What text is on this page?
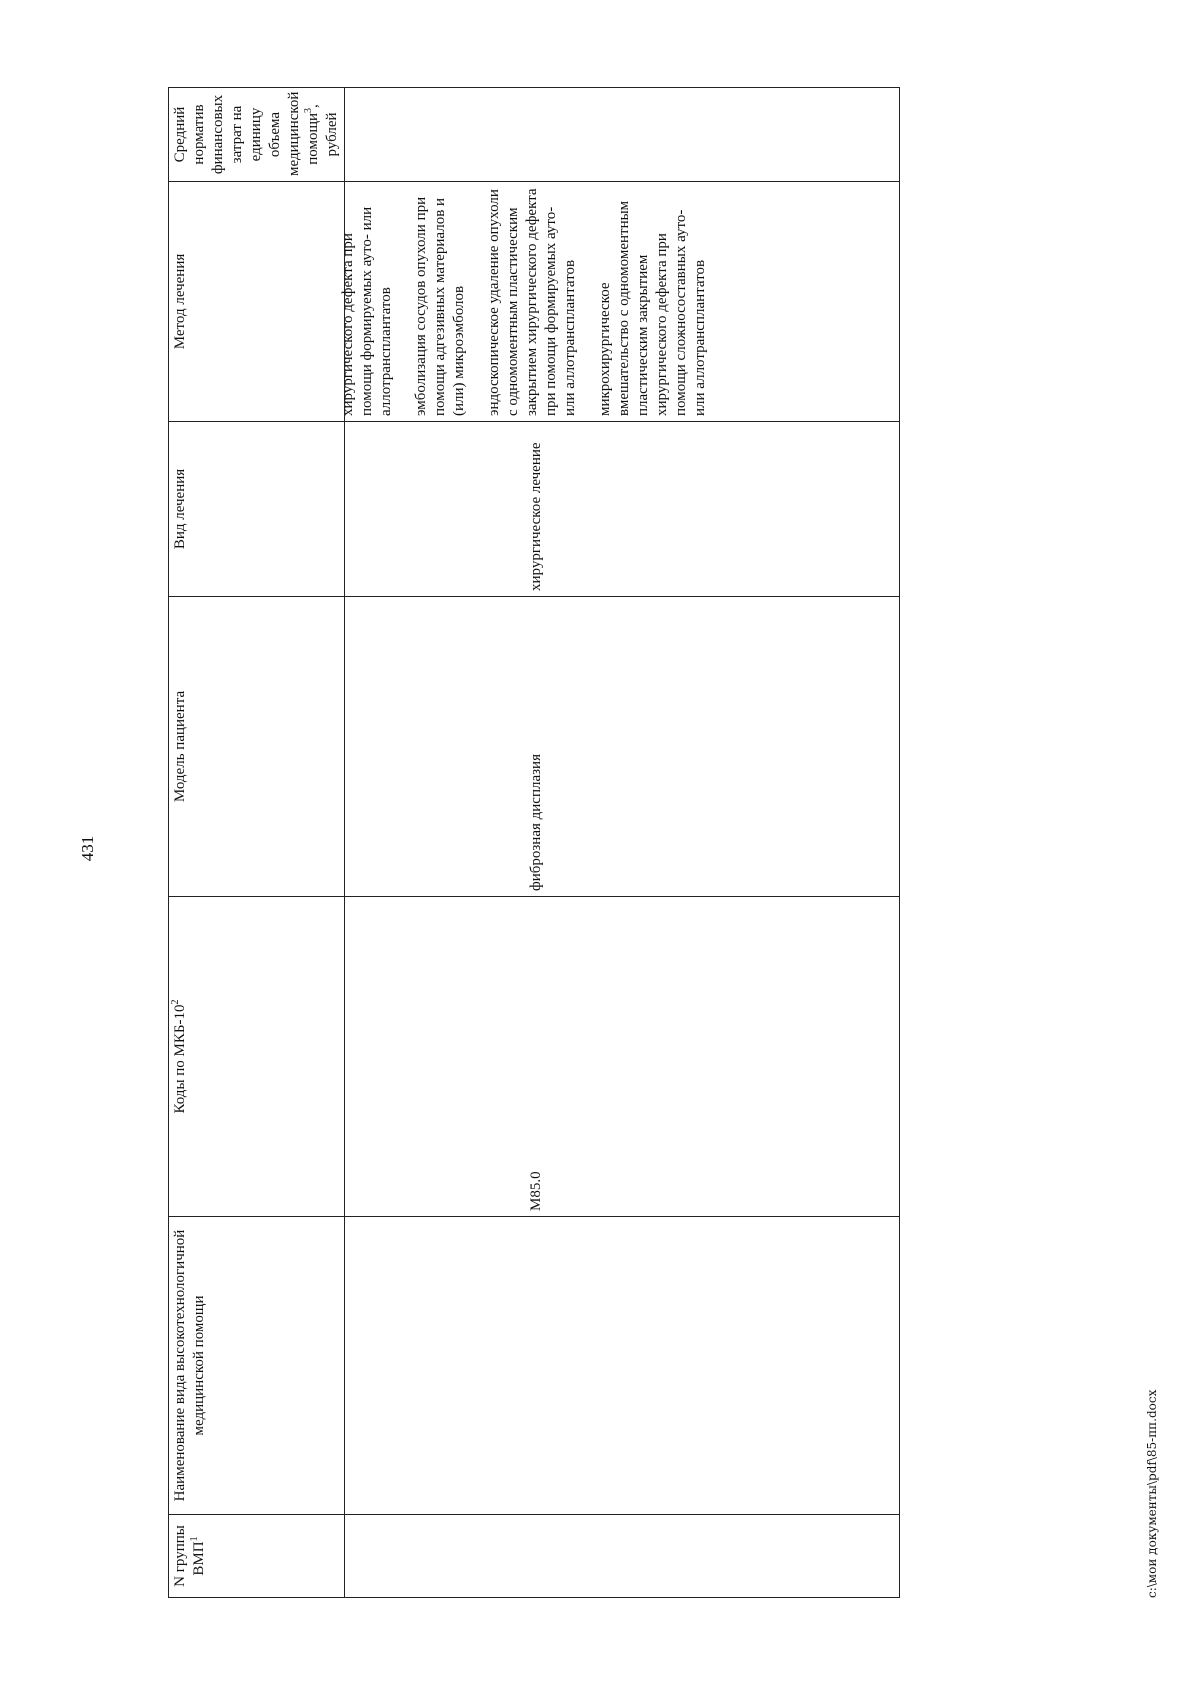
431
N группы ВМП$^1$	Наименование вида высокотехнологичной медицинской помощи	Коды по МКБ-$10^2$	Модель пациента	Вид лечения	Метод лечения	Средний норматив финансовых затрат на единицу объема медицинской помощи$^3$, рублей

		М85.0	фиброзная дисплазия	хирургическое лечение	хирургического дефекта при помощи формируемых ауто- или аллотрансплантатов эмболизация сосудов опухоли при помощи адгезивных материалов и (или) микроэмболов эндоскопическое удаление опухоли с одномоментным пластическим закрытием хирургического дефекта при помощи формируемых ауто- или аллотрансплантатов микрохирургическое вмешательство с одномоментным пластическим закрытием хирургического дефекта при помощи сложносоставных ауто- или аллотрансплантатов	

c:\мои документы\pdf\85-пп.docx
